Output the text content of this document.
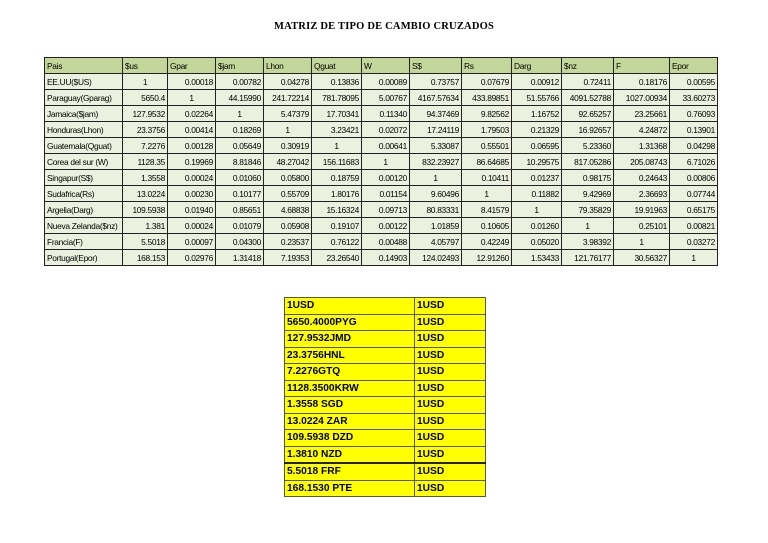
MATRIZ DE TIPO DE CAMBIO CRUZADOS
Pais	$us	Gpar	$jam	Lhon	Qguat	W	S$	Rs	Darg	$nz	F	Epor
EE.UU($US)	1	0.00018	0.00782	0.04278	0.13836	0.00089	0.73757	0.07679	0.00912	0.72411	0.18176	0.00595
Paraguay(Gparag)	5650.4	1	44.15990	241.72214	781.78095	5.00767	4167.57634	433.89851	51.55766	4091.52788	1027.00934	33.60273
Jamaica($jam)	127.9532	0.02264	1	5.47379	17.70341	0.11340	94.37469	9.82562	1.16752	92.65257	23.25661	0.76093
Honduras(Lhon)	23.3756	0.00414	0.18269	1	3.23421	0.02072	17.24119	1.79503	0.21329	16.92657	4.24872	0.13901
Guatemala(Qguat)	7.2276	0.00128	0.05649	0.30919	1	0.00641	5.33087	0.55501	0.06595	5.23360	1.31368	0.04298
Corea del sur (W)	1128.35	0.19969	8.81846	48.27042	156.11683	1	832.23927	86.64685	10.29575	817.05286	205.08743	6.71026
Singapur(S$)	1.3558	0.00024	0.01060	0.05800	0.18759	0.00120	1	0.10411	0.01237	0.98175	0.24643	0.00806
Sudafrica(Rs)	13.0224	0.00230	0.10177	0.55709	1.80176	0.01154	9.60496	1	0.11882	9.42969	2.36693	0.07744
Argelia(Darg)	109.5938	0.01940	0.85651	4.68838	15.16324	0.09713	80.83331	8.41579	1	79.35829	19.91963	0.65175
Nueva Zelanda($nz)	1.381	0.00024	0.01079	0.05908	0.19107	0.00122	1.01859	0.10605	0.01260	1	0.25101	0.00821
Francia(F)	5.5018	0.00097	0.04300	0.23537	0.76122	0.00488	4.05797	0.42249	0.05020	3.98392	1	0.03272
Portugal(Epor)	168.153	0.02976	1.31418	7.19353	23.26540	0.14903	124.02493	12.91260	1.53433	121.76177	30.56327	1
1USD	1USD
5650.4000PYG	1USD
127.9532JMD	1USD
23.3756HNL	1USD
7.2276GTQ	1USD
1128.3500KRW	1USD
1.3558 SGD	1USD
13.0224 ZAR	1USD
109.5938 DZD	1USD
1.3810 NZD	1USD
5.5018 FRF	1USD
168.1530 PTE	1USD
